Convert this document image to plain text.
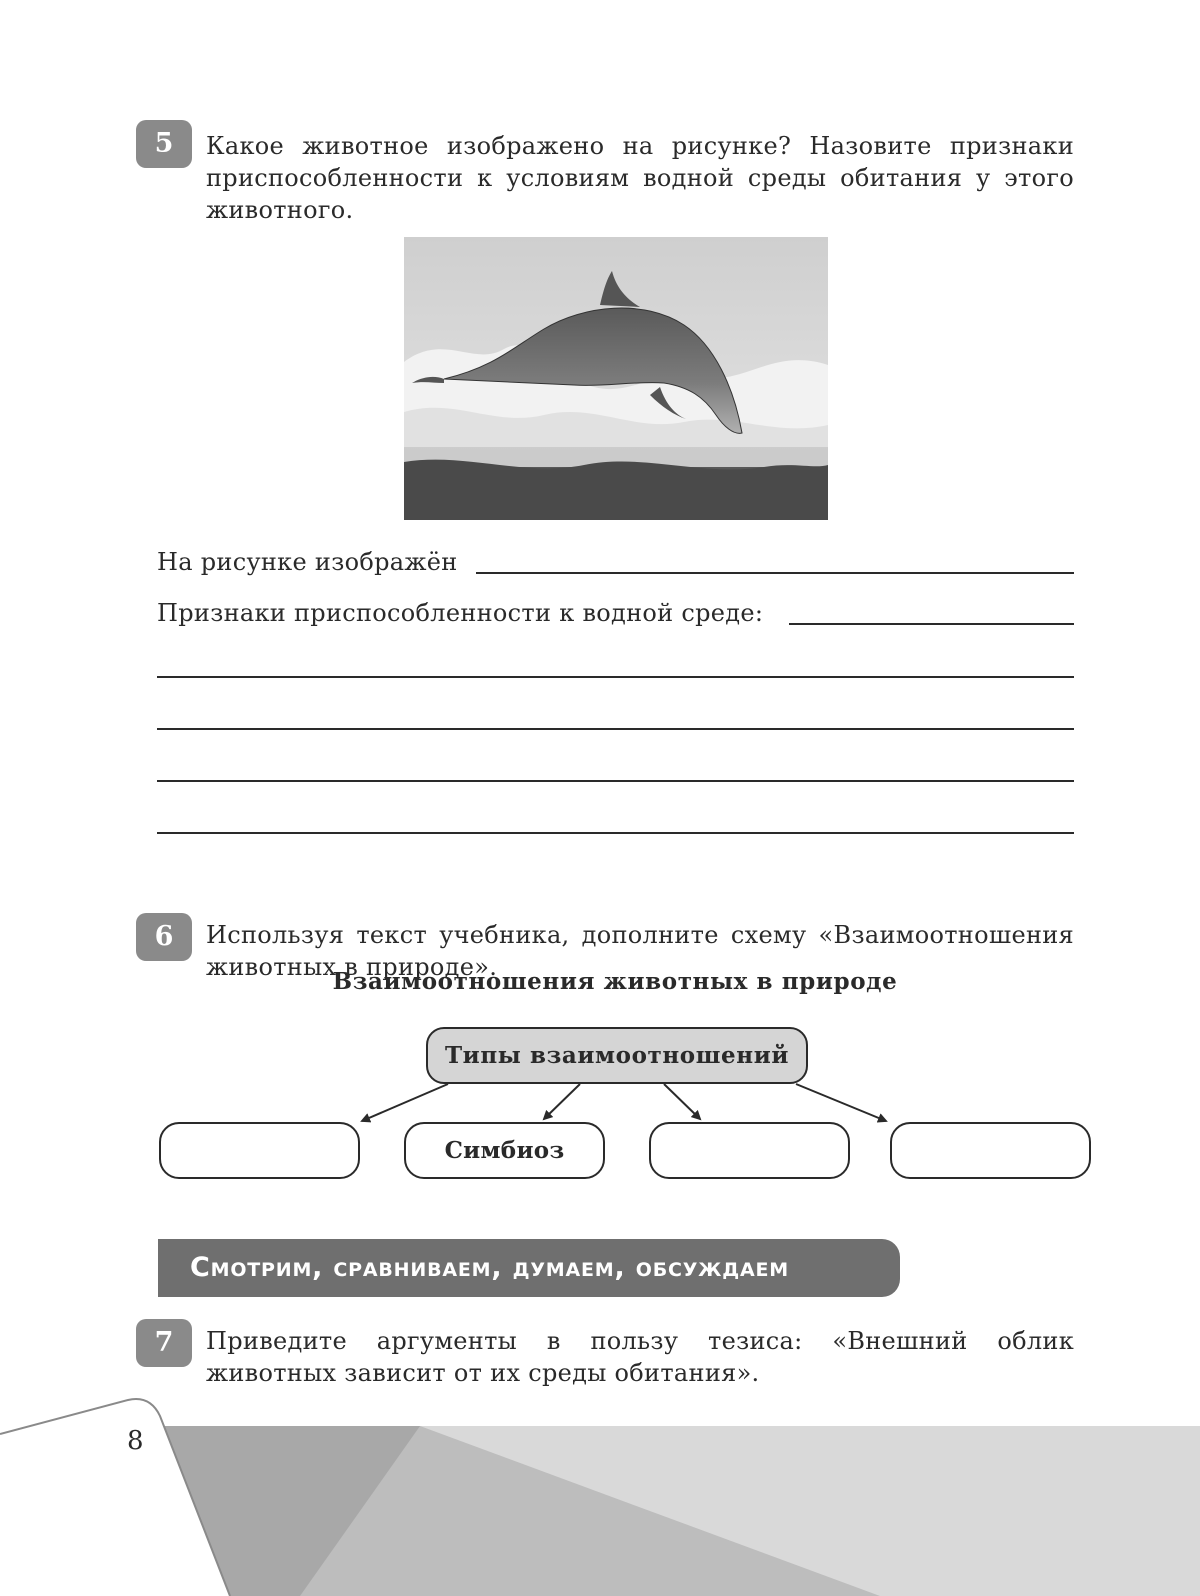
5	Какое животное изображено на рисунке? Назовите признаки приспособленности к условиям водной среды обитания у этого животного.
На рисунке изображён
Признаки приспособленности к водной среде:
6	Используя текст учебника, дополните схему «Взаимоотношения животных в природе».
Взаимоотношения животных в природе
Типы взаимоотношений
Симбиоз
Смотрим, сравниваем, думаем, обсуждаем
7	Приведите аргументы в пользу тезиса: «Внешний облик животных зависит от их среды обитания».
8
